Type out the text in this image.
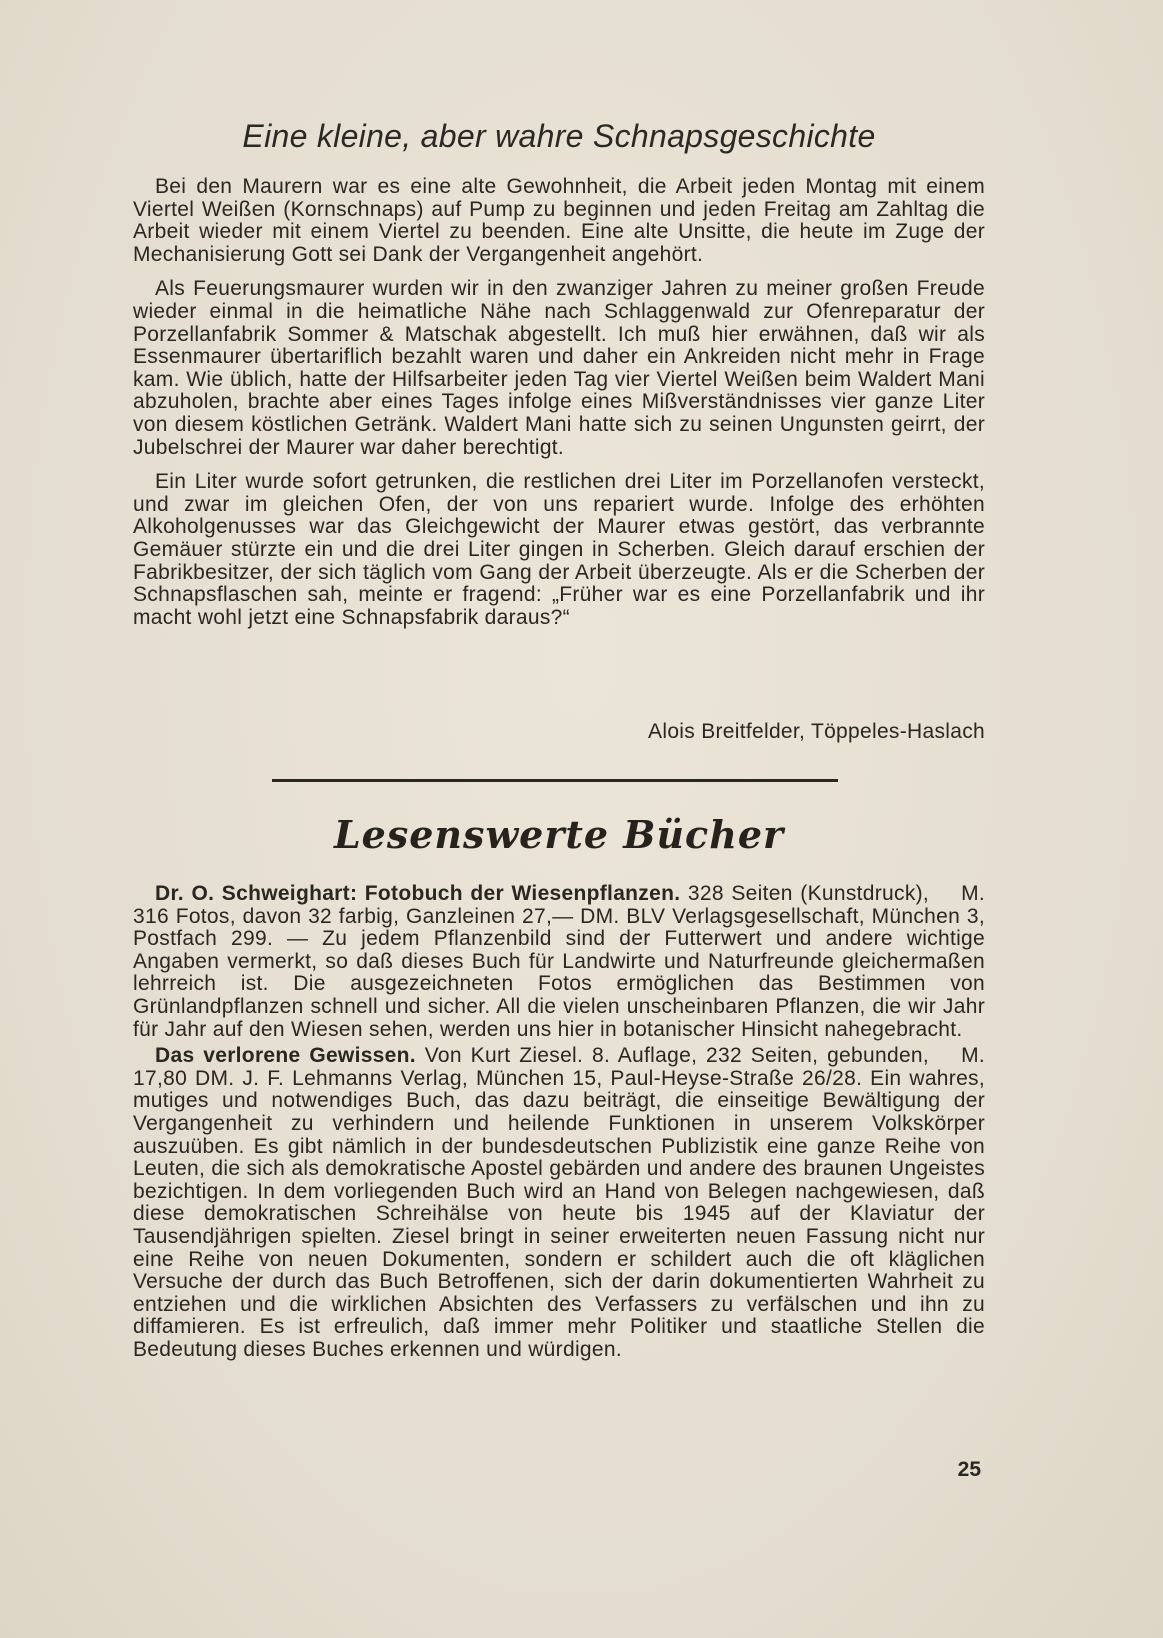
Eine kleine, aber wahre Schnapsgeschichte

Bei den Maurern war es eine alte Gewohnheit, die Arbeit jeden Montag mit einem Viertel Weißen (Kornschnaps) auf Pump zu beginnen und jeden Freitag am Zahltag die Arbeit wieder mit einem Viertel zu beenden. Eine alte Unsitte, die heute im Zuge der Mechanisierung Gott sei Dank der Vergangenheit angehört.

Als Feuerungsmaurer wurden wir in den zwanziger Jahren zu meiner großen Freude wieder einmal in die heimatliche Nähe nach Schlaggenwald zur Ofenreparatur der Porzellanfabrik Sommer & Matschak abgestellt. Ich muß hier erwähnen, daß wir als Essenmaurer übertariflich bezahlt waren und daher ein Ankreiden nicht mehr in Frage kam. Wie üblich, hatte der Hilfsarbeiter jeden Tag vier Viertel Weißen beim Waldert Mani abzuholen, brachte aber eines Tages infolge eines Mißverständnisses vier ganze Liter von diesem köstlichen Getränk. Waldert Mani hatte sich zu seinen Ungunsten geirrt, der Jubelschrei der Maurer war daher berechtigt.

Ein Liter wurde sofort getrunken, die restlichen drei Liter im Porzellanofen versteckt, und zwar im gleichen Ofen, der von uns repariert wurde. Infolge des erhöhten Alkoholgenusses war das Gleichgewicht der Maurer etwas gestört, das verbrannte Gemäuer stürzte ein und die drei Liter gingen in Scherben. Gleich darauf erschien der Fabrikbesitzer, der sich täglich vom Gang der Arbeit überzeugte. Als er die Scherben der Schnapsflaschen sah, meinte er fragend: „Früher war es eine Porzellanfabrik und ihr macht wohl jetzt eine Schnapsfabrik daraus?“

Alois Breitfelder, Töppeles-Haslach

Lesenswerte Bücher

M.
Dr. O. Schweighart: Fotobuch der Wiesenpflanzen. 328 Seiten (Kunstdruck), 316 Fotos, davon 32 farbig, Ganzleinen 27,— DM. BLV Verlagsgesellschaft, München 3, Postfach 299. — Zu jedem Pflanzenbild sind der Futterwert und andere wichtige Angaben vermerkt, so daß dieses Buch für Landwirte und Naturfreunde gleichermaßen lehrreich ist. Die ausgezeichneten Fotos ermöglichen das Bestimmen von Grünlandpflanzen schnell und sicher. All die vielen unscheinbaren Pflanzen, die wir Jahr für Jahr auf den Wiesen sehen, werden uns hier in botanischer Hinsicht nahegebracht.

M.
Das verlorene Gewissen. Von Kurt Ziesel. 8. Auflage, 232 Seiten, gebunden, 17,80 DM. J. F. Lehmanns Verlag, München 15, Paul-Heyse-Straße 26/28. Ein wahres, mutiges und notwendiges Buch, das dazu beiträgt, die einseitige Bewältigung der Vergangenheit zu verhindern und heilende Funktionen in unserem Volkskörper auszuüben. Es gibt nämlich in der bundesdeutschen Publizistik eine ganze Reihe von Leuten, die sich als demokratische Apostel gebärden und andere des braunen Ungeistes bezichtigen. In dem vorliegenden Buch wird an Hand von Belegen nachgewiesen, daß diese demokratischen Schreihälse von heute bis 1945 auf der Klaviatur der Tausendjährigen spielten. Ziesel bringt in seiner erweiterten neuen Fassung nicht nur eine Reihe von neuen Dokumenten, sondern er schildert auch die oft kläglichen Versuche der durch das Buch Betroffenen, sich der darin dokumentierten Wahrheit zu entziehen und die wirklichen Absichten des Verfassers zu verfälschen und ihn zu diffamieren. Es ist erfreulich, daß immer mehr Politiker und staatliche Stellen die Bedeutung dieses Buches erkennen und würdigen.

25
